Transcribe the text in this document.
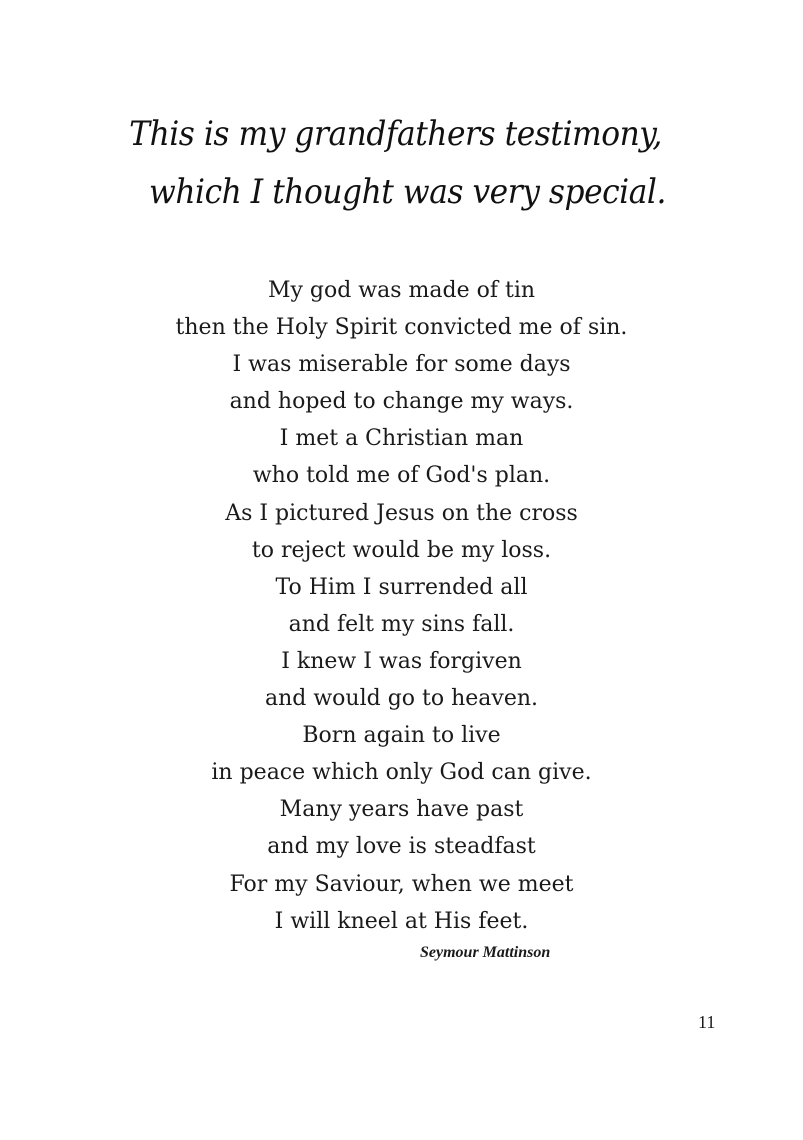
This is my grandfathers testimony,
which I thought was very special.
My god was made of tin
then the Holy Spirit convicted me of sin.
I was miserable for some days
and hoped to change my ways.
I met a Christian man
who told me of God's plan.
As I pictured Jesus on the cross
to reject would be my loss.
To Him I surrended all
and felt my sins fall.
I knew I was forgiven
and would go to heaven.
Born again to live
in peace which only God can give.
Many years have past
and my love is steadfast
For my Saviour, when we meet
I will kneel at His feet.
Seymour Mattinson
11
